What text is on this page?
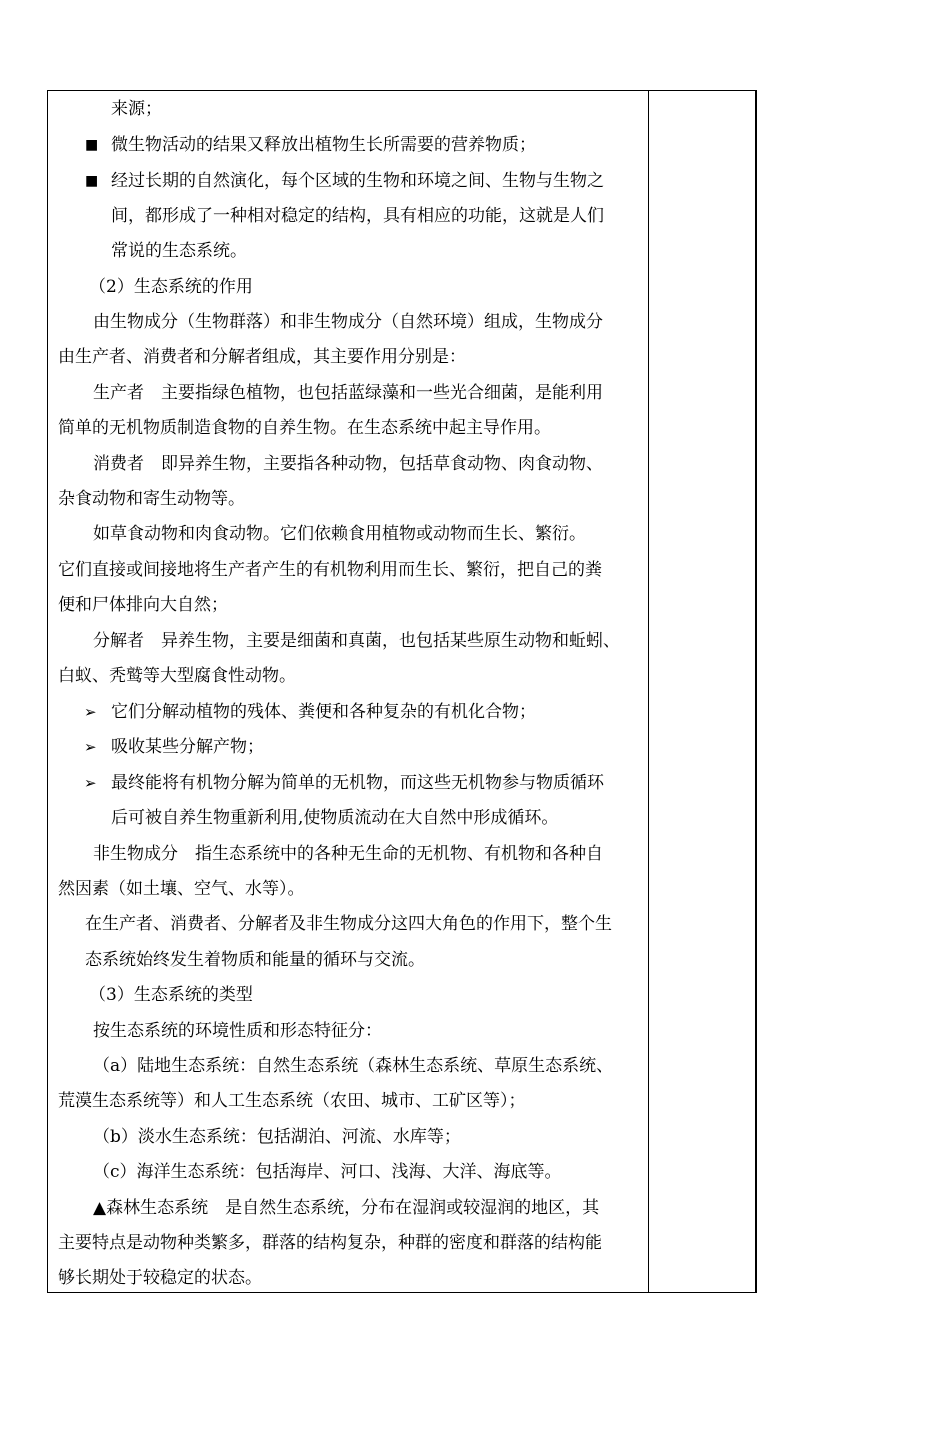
来源；
■ 微生物活动的结果又释放出植物生长所需要的营养物质；
■ 经过长期的自然演化，每个区域的生物和环境之间、生物与生物之
间，都形成了一种相对稳定的结构，具有相应的功能，这就是人们
常说的生态系统。
（2）生态系统的作用
由生物成分（生物群落）和非生物成分（自然环境）组成，生物成分
由生产者、消费者和分解者组成，其主要作用分别是：
生产者　主要指绿色植物，也包括蓝绿藻和一些光合细菌，是能利用
简单的无机物质制造食物的自养生物。在生态系统中起主导作用。
消费者　即异养生物，主要指各种动物，包括草食动物、肉食动物、
杂食动物和寄生动物等。
如草食动物和肉食动物。它们依赖食用植物或动物而生长、繁衍。
它们直接或间接地将生产者产生的有机物利用而生长、繁衍，把自己的粪
便和尸体排向大自然；
分解者　异养生物，主要是细菌和真菌，也包括某些原生动物和蚯蚓、
白蚁、秃鹫等大型腐食性动物。
➢ 它们分解动植物的残体、粪便和各种复杂的有机化合物；
➢ 吸收某些分解产物；
➢ 最终能将有机物分解为简单的无机物，而这些无机物参与物质循环
后可被自养生物重新利用,使物质流动在大自然中形成循环。
非生物成分　指生态系统中的各种无生命的无机物、有机物和各种自
然因素（如土壤、空气、水等）。
在生产者、消费者、分解者及非生物成分这四大角色的作用下，整个生
态系统始终发生着物质和能量的循环与交流。
（3）生态系统的类型
按生态系统的环境性质和形态特征分：
（a）陆地生态系统：自然生态系统（森林生态系统、草原生态系统、
荒漠生态系统等）和人工生态系统（农田、城市、工矿区等）；
（b）淡水生态系统：包括湖泊、河流、水库等；
（c）海洋生态系统：包括海岸、河口、浅海、大洋、海底等。
▲森林生态系统　是自然生态系统，分布在湿润或较湿润的地区，其
主要特点是动物种类繁多，群落的结构复杂，种群的密度和群落的结构能
够长期处于较稳定的状态。
